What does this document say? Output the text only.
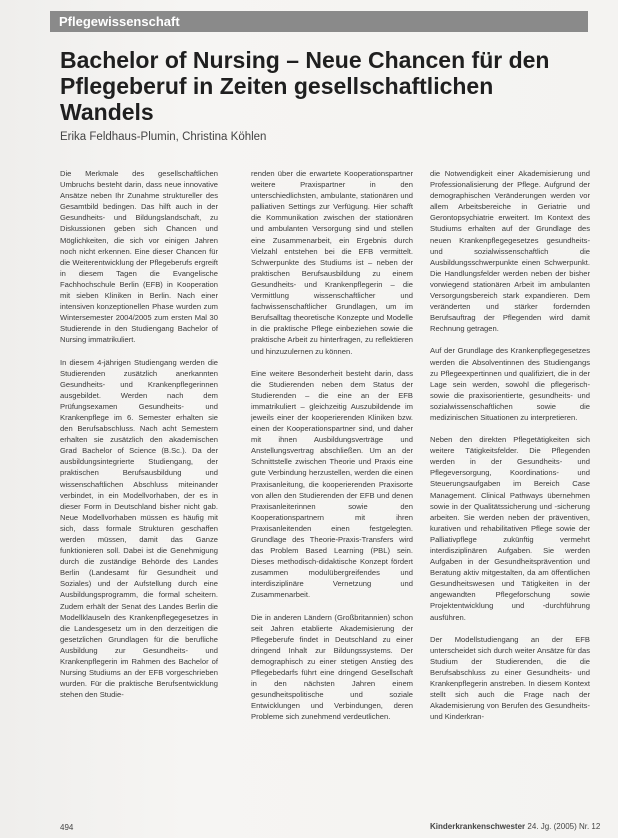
Pflegewissenschaft
Bachelor of Nursing – Neue Chancen für den Pflegeberuf in Zeiten gesellschaftlichen Wandels
Erika Feldhaus-Plumin, Christina Köhlen

Die Merkmale des gesellschaftlichen Umbruchs besteht darin, dass neue innovative Ansätze neben Ihr Zunahme struktureller des Gesamtbild bedingen. Das hilft auch in der Gesundheits- und Bildungslandschaft, zu Diskussionen geben sich Chancen und Möglichkeiten, die sich vor einigen Jahren noch nicht erkennen. Eine dieser Chancen für die Weiterentwicklung der Pflegeberufs ergreift in diesem Tagen die Evangelische Fachhochschule Berlin (EFB) in Kooperation mit sieben Kliniken in Berlin. Nach einer intensiven konzeptionellen Phase wurden zum Wintersemester 2004/2005 zum ersten Mal 30 Studierende in den Studiengang Bachelor of Nursing immatrikuliert.

In diesem 4-jährigen Studiengang werden die Studierenden zusätzlich anerkannten Gesundheits- und Krankenpflegerinnen ausgebildet. Werden nach dem Prüfungsexamen Gesundheits- und Krankenpflege im 6. Semester erhalten sie den Berufsabschluss. Nach acht Semestern erhalten sie zusätzlich den akademischen Grad Bachelor of Science (B.Sc.). Da der ausbildungsintegrierte Studiengang, der praktischen Berufsausbildung und wissenschaftlichen Abschluss miteinander verbindet, in ein Modellvorhaben, der es in dieser Form in Deutschland bisher nicht gab. Neue Modellvorhaben müssen es häufig mit sich, dass formale Strukturen geschaffen werden müssen, damit das Ganze funktionieren soll. Dabei ist die Genehmigung durch die zuständige Behörde des Landes Berlin (Landesamt für Gesundheit und Soziales) und der Aufstellung durch eine Ausbildungsprogramm, die formal scheitern. Zudem erhält der Senat des Landes Berlin die Modellklauseln des Krankenpflegegesetzes in die Landesgesetz um in den derzeitigen die gesetzlichen Grundlagen für die berufliche Ausbildung zur Gesundheits- und Krankenpflegerin im Rahmen des Bachelor of Nursing Studiums an der EFB vorgeschrieben wurden. Für die praktische Berufsentwicklung stehen den Studie-

renden über die erwartete Kooperationspartner weitere Praxispartner in den unterschiedlichsten, ambulante, stationären und palliativen Settings zur Verfügung. Hier schafft die Kommunikation zwischen der stationären und ambulanten Versorgung sind und stellen eine Zusammenarbeit, ein Ergebnis durch Vielzahl entstehen bei die EFB vermittelt. Schwerpunkte des Studiums ist – neben der praktischen Berufsausbildung zu einem Gesundheits- und Krankenpflegerin – die Vermittlung wissenschaftlicher und fachwissenschaftlicher Grundlagen, um im Berufsalltag theoretische Konzepte und Modelle in die praktische Pflege einbeziehen sowie die praktische Arbeit zu hinterfragen, zu reflektieren und hinzuzulernen zu können.

Eine weitere Besonderheit besteht darin, dass die Studierenden neben dem Status der Studierenden – die eine an der EFB immatrikuliert – gleichzeitig Auszubildende im jeweils einer der kooperierenden Kliniken bzw. einen der Kooperationspartner sind, und daher mit ihnen Ausbildungsverträge und Anstellungsvertrag abschließen. Um an der Schnittstelle zwischen Theorie und Praxis eine gute Verbindung herzustellen, werden die einen Praxisanleitung, die kooperierenden Praxisorte von allen den Studierenden der EFB und denen Praxisanleiterinnen sowie den Kooperationspartnern mit ihren Praxisanleitenden einen festgelegten. Grundlage des Theorie-Praxis-Transfers wird das Problem Based Learning (PBL) sein. Dieses methodisch-didaktische Konzept fördert zusammen modulübergreifendes und interdisziplinäre Vernetzung und Zusammenarbeit.

Die in anderen Ländern (Großbritannien) schon seit Jahren etablierte Akademisierung der Pflegeberufe findet in Deutschland zu einer dringend Inhalt zur Bildungssystems. Der demographisch zu einer stetigen Anstieg des Pflegebedarfs führt eine dringend Gesellschaft in den nächsten Jahren einem gesundheitspolitische und soziale Entwicklungen und Verbindungen, deren Probleme sich zunehmend verdeutlichen.

die Notwendigkeit einer Akademisierung und Professionalisierung der Pflege. Aufgrund der demographischen Veränderungen werden vor allem Arbeitsbereiche in Geriatrie und Gerontopsychiatrie erweitert. Im Kontext des Studiums erhalten auf der Grundlage des neuen Krankenpflegegesetzes gesundheits- und sozialwissenschaftlich die Ausbildungsschwerpunkte einen Schwerpunkt. Die Handlungsfelder werden neben der bisher vorwiegend stationären Arbeit im ambulanten Versorgungsbereich stark expandieren. Dem veränderten und stärker fordernden Berufsauftrag der Pflegenden wird damit Rechnung getragen.

Auf der Grundlage des Krankenpflegegesetzes werden die Absolventinnen des Studiengangs zu Pflegeexpertinnen und qualifiziert, die in der Lage sein werden, sowohl die pflegerisch-sowie die praxisorientierte, gesundheits- und sozialwissenschaftlichen sowie die medizinischen Situationen zu interpretieren.

Neben den direkten Pflegetätigkeiten sich weitere Tätigkeitsfelder. Die Pflegenden werden in der Gesundheits- und Pflegeversorgung, Koordinations- und Steuerungsaufgaben im Bereich Case Management. Clinical Pathways übernehmen sowie in der Qualitätssicherung und -sicherung arbeiten. Sie werden neben der präventiven, kurativen und rehabilitativen Pflege sowie der Palliativpflege zukünftig vermehrt interdisziplinären Aufgaben. Sie werden Aufgaben in der Gesundheitsprävention und Beratung aktiv mitgestalten, da am öffentlichen Gesundheitswesen und Tätigkeiten in der angewandten Pflegeforschung sowie Projektentwicklung und -durchführung ausführen.

Der Modellstudiengang an der EFB unterscheidet sich durch weiter Ansätze für das Studium der Studierenden, die die Berufsabschluss zu einer Gesundheits- und Krankenpflegerin anstreben. In diesem Kontext stellt sich auch die Frage nach der Akademisierung von Berufen des Gesundheits- und Kinderkran-

494	Kinderkrankenschwester 24. Jg. (2005) Nr. 12
